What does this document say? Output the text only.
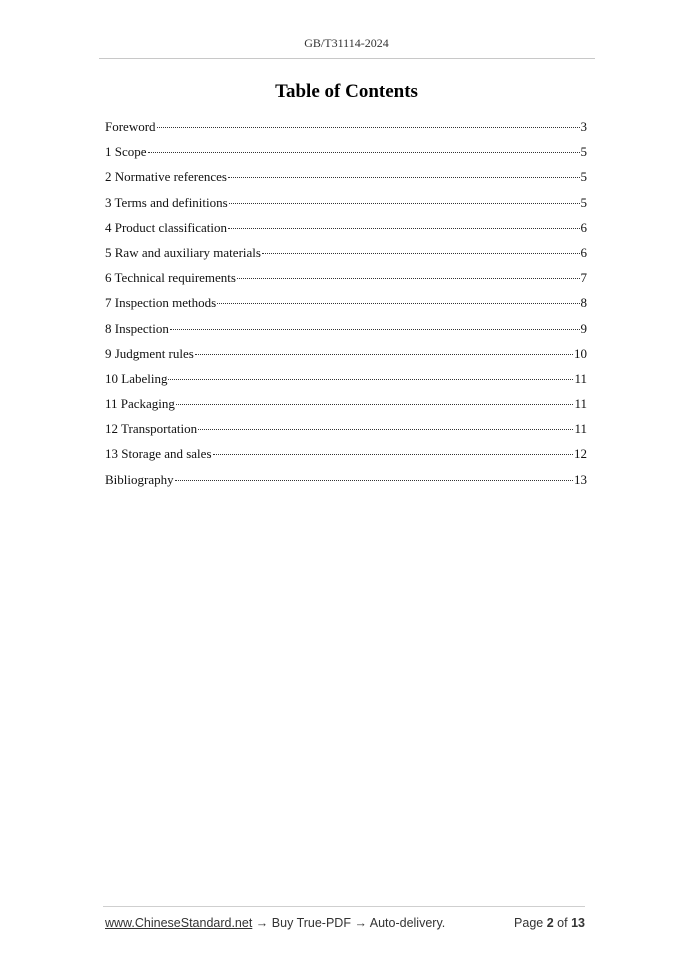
GB/T31114-2024
Table of Contents
Foreword	3
1 Scope	5
2 Normative references	5
3 Terms and definitions	5
4 Product classification	6
5 Raw and auxiliary materials	6
6 Technical requirements	7
7 Inspection methods	8
8 Inspection	9
9 Judgment rules	10
10 Labeling	11
11 Packaging	11
12 Transportation	11
13 Storage and sales	12
Bibliography	13
www.ChineseStandard.net → Buy True-PDF → Auto-delivery.	Page 2 of 13
